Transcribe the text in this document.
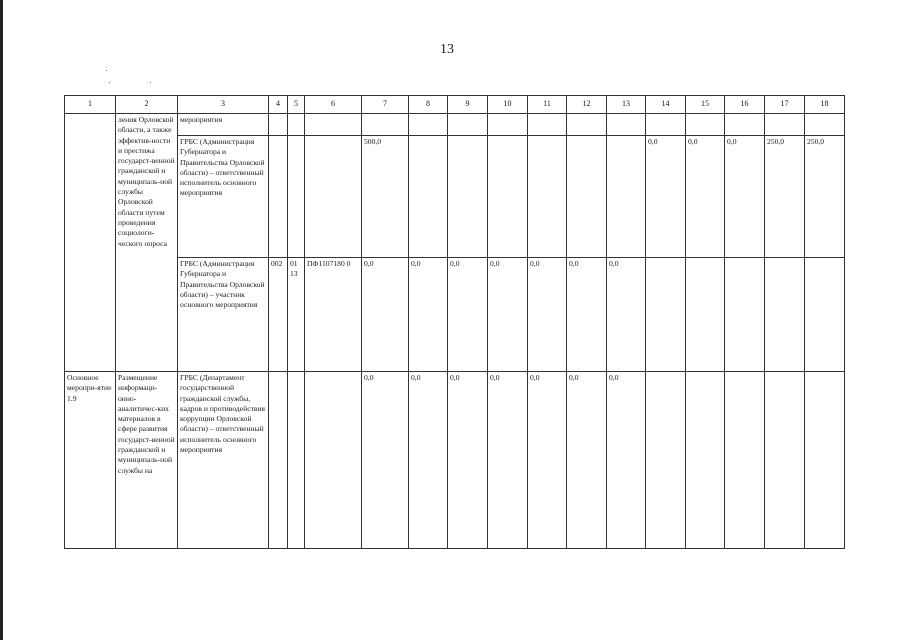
13
1	2	3	4	5	6	7	8	9	10	11	12	13	14	15	16	17	18
	ления Орловской области, а также эффектив-ности и престижа государст-венной гражданской и муниципаль-ной службы Орловской области путем проведения социологи-ческого опроса	мероприятия															
		ГРБС (Администрация Губернатора и Правительства Орловской области) – ответственный исполнитель основного мероприятия				500,0							0,0	0,0	0,0	250,0	250,0
		ГРБС (Администрация Губернатора и Правительства Орловской области) – участник основного мероприятия	002	01 13	ПФ1107180 0	0,0	0,0	0,0	0,0	0,0	0,0	0,0					
Основное меропри-ятие 1.9	Размещение информаци-онно-аналитичес-ких материалов в сфере развития государст-венной гражданской и муниципаль-ной службы на	ГРБС (Департамент государственной гражданской службы, кадров и противодействия коррупции Орловской области) – ответственный исполнитель основного мероприятия				0,0	0,0	0,0	0,0	0,0	0,0	0,0					
